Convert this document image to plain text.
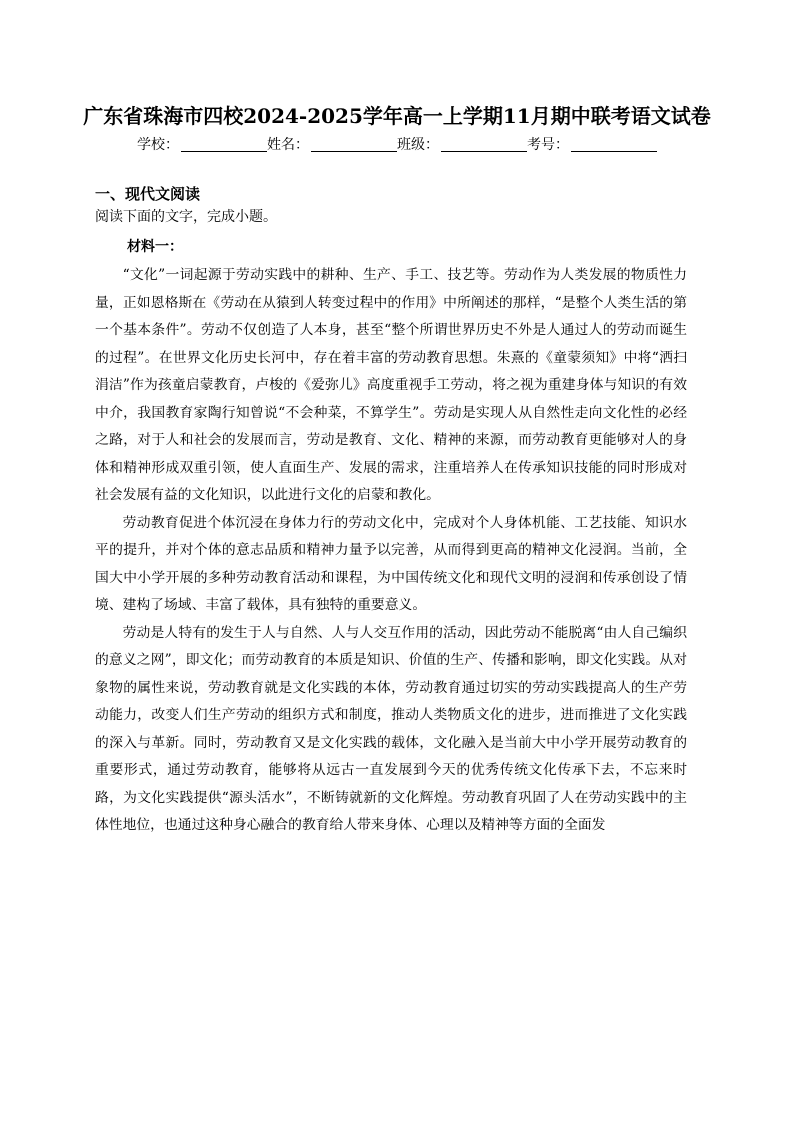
广东省珠海市四校2024-2025学年高一上学期11月期中联考语文试卷
学校：	姓名：	班级：	考号：
一、现代文阅读
阅读下面的文字，完成小题。
材料一：

“文化”一词起源于劳动实践中的耕种、生产、手工、技艺等。劳动作为人类发展的物质性力量，正如恩格斯在《劳动在从猿到人转变过程中的作用》中所阐述的那样，“是整个人类生活的第一个基本条件”。劳动不仅创造了人本身，甚至“整个所谓世界历史不外是人通过人的劳动而诞生的过程”。在世界文化历史长河中，存在着丰富的劳动教育思想。朱熹的《童蒙须知》中将“洒扫涓洁”作为孩童启蒙教育，卢梭的《爱弥儿》高度重视手工劳动，将之视为重建身体与知识的有效中介，我国教育家陶行知曾说“不会种菜，不算学生”。劳动是实现人从自然性走向文化性的必经之路，对于人和社会的发展而言，劳动是教育、文化、精神的来源，而劳动教育更能够对人的身体和精神形成双重引领，使人直面生产、发展的需求，注重培养人在传承知识技能的同时形成对社会发展有益的文化知识，以此进行文化的启蒙和教化。

劳动教育促进个体沉浸在身体力行的劳动文化中，完成对个人身体机能、工艺技能、知识水平的提升，并对个体的意志品质和精神力量予以完善，从而得到更高的精神文化浸润。当前，全国大中小学开展的多种劳动教育活动和课程，为中国传统文化和现代文明的浸润和传承创设了情境、建构了场域、丰富了载体，具有独特的重要意义。

劳动是人特有的发生于人与自然、人与人交互作用的活动，因此劳动不能脱离“由人自己编织的意义之网”，即文化；而劳动教育的本质是知识、价值的生产、传播和影响，即文化实践。从对象物的属性来说，劳动教育就是文化实践的本体，劳动教育通过切实的劳动实践提高人的生产劳动能力，改变人们生产劳动的组织方式和制度，推动人类物质文化的进步，进而推进了文化实践的深入与革新。同时，劳动教育又是文化实践的载体，文化融入是当前大中小学开展劳动教育的重要形式，通过劳动教育，能够将从远古一直发展到今天的优秀传统文化传承下去，不忘来时路，为文化实践提供“源头活水”，不断铸就新的文化辉煌。劳动教育巩固了人在劳动实践中的主体性地位，也通过这种身心融合的教育给人带来身体、心理以及精神等方面的全面发
